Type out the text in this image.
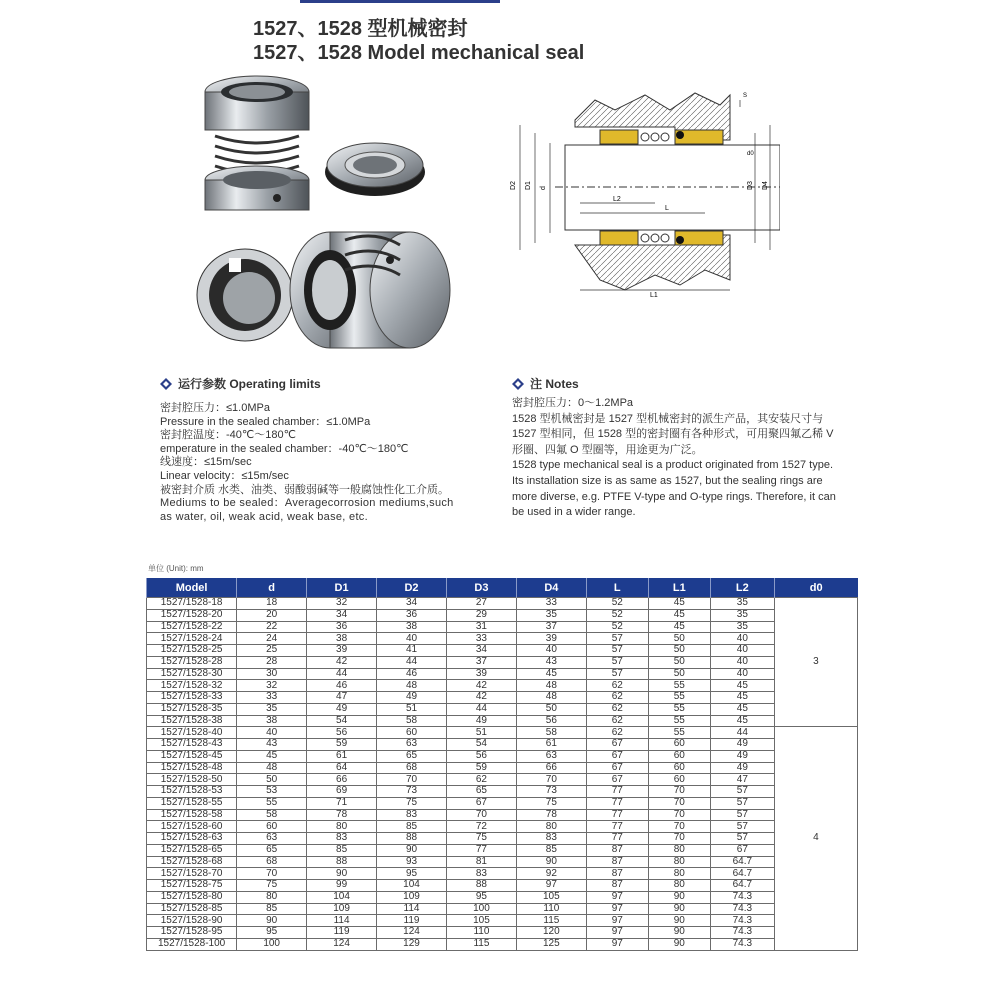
1527、1528 型机械密封
1527、1528 Model mechanical seal
D2 D1 d	D3 D4
L
L2
L1
d0
S
运行参数 Operating limits
密封腔压力：≤1.0MPa
Pressure in the sealed chamber：≤1.0MPa
密封腔温度：-40℃～180℃
emperature in the sealed chamber：-40℃～180℃
线速度：≤15m/sec
Linear velocity：≤15m/sec
被密封介质 水类、油类、弱酸弱碱等一般腐蚀性化工介质。
Mediums to be sealed：Averagecorrosion mediums,such as water, oil, weak acid, weak base, etc.
注 Notes

密封腔压力：0～1.2MPa

1528 型机械密封是 1527 型机械密封的派生产品，其安装尺寸与 1527 型相同，但 1528 型的密封圈有各种形式，可用聚四氟乙稀 V 形圈、四氟 O 型圈等，用途更为广泛。

1528 type mechanical seal is a product originated from 1527 type. Its installation size is as same as 1527, but the sealing rings are more diverse, e.g. PTFE V-type and O-type rings. Therefore, it can be used in a wider range.

单位 (Unit): mm
Model	d	D1	D2	D3	D4	L	L1	L2	d0
1527/1528-18	18	32	34	27	33	52	45	35	3
1527/1528-20	20	34	36	29	35	52	45	35	
1527/1528-22	22	36	38	31	37	52	45	35	
1527/1528-24	24	38	40	33	39	57	50	40	
1527/1528-25	25	39	41	34	40	57	50	40	
1527/1528-28	28	42	44	37	43	57	50	40	
1527/1528-30	30	44	46	39	45	57	50	40	
1527/1528-32	32	46	48	42	48	62	55	45	
1527/1528-33	33	47	49	42	48	62	55	45	
1527/1528-35	35	49	51	44	50	62	55	45	
1527/1528-38	38	54	58	49	56	62	55	45	
1527/1528-40	40	56	60	51	58	62	55	44	4
1527/1528-43	43	59	63	54	61	67	60	49	
1527/1528-45	45	61	65	56	63	67	60	49	
1527/1528-48	48	64	68	59	66	67	60	49	
1527/1528-50	50	66	70	62	70	67	60	47	
1527/1528-53	53	69	73	65	73	77	70	57	
1527/1528-55	55	71	75	67	75	77	70	57	
1527/1528-58	58	78	83	70	78	77	70	57	
1527/1528-60	60	80	85	72	80	77	70	57	
1527/1528-63	63	83	88	75	83	77	70	57	
1527/1528-65	65	85	90	77	85	87	80	67	
1527/1528-68	68	88	93	81	90	87	80	64.7	
1527/1528-70	70	90	95	83	92	87	80	64.7	
1527/1528-75	75	99	104	88	97	87	80	64.7	
1527/1528-80	80	104	109	95	105	97	90	74.3	
1527/1528-85	85	109	114	100	110	97	90	74.3	
1527/1528-90	90	114	119	105	115	97	90	74.3	
1527/1528-95	95	119	124	110	120	97	90	74.3	
1527/1528-100	100	124	129	115	125	97	90	74.3	
